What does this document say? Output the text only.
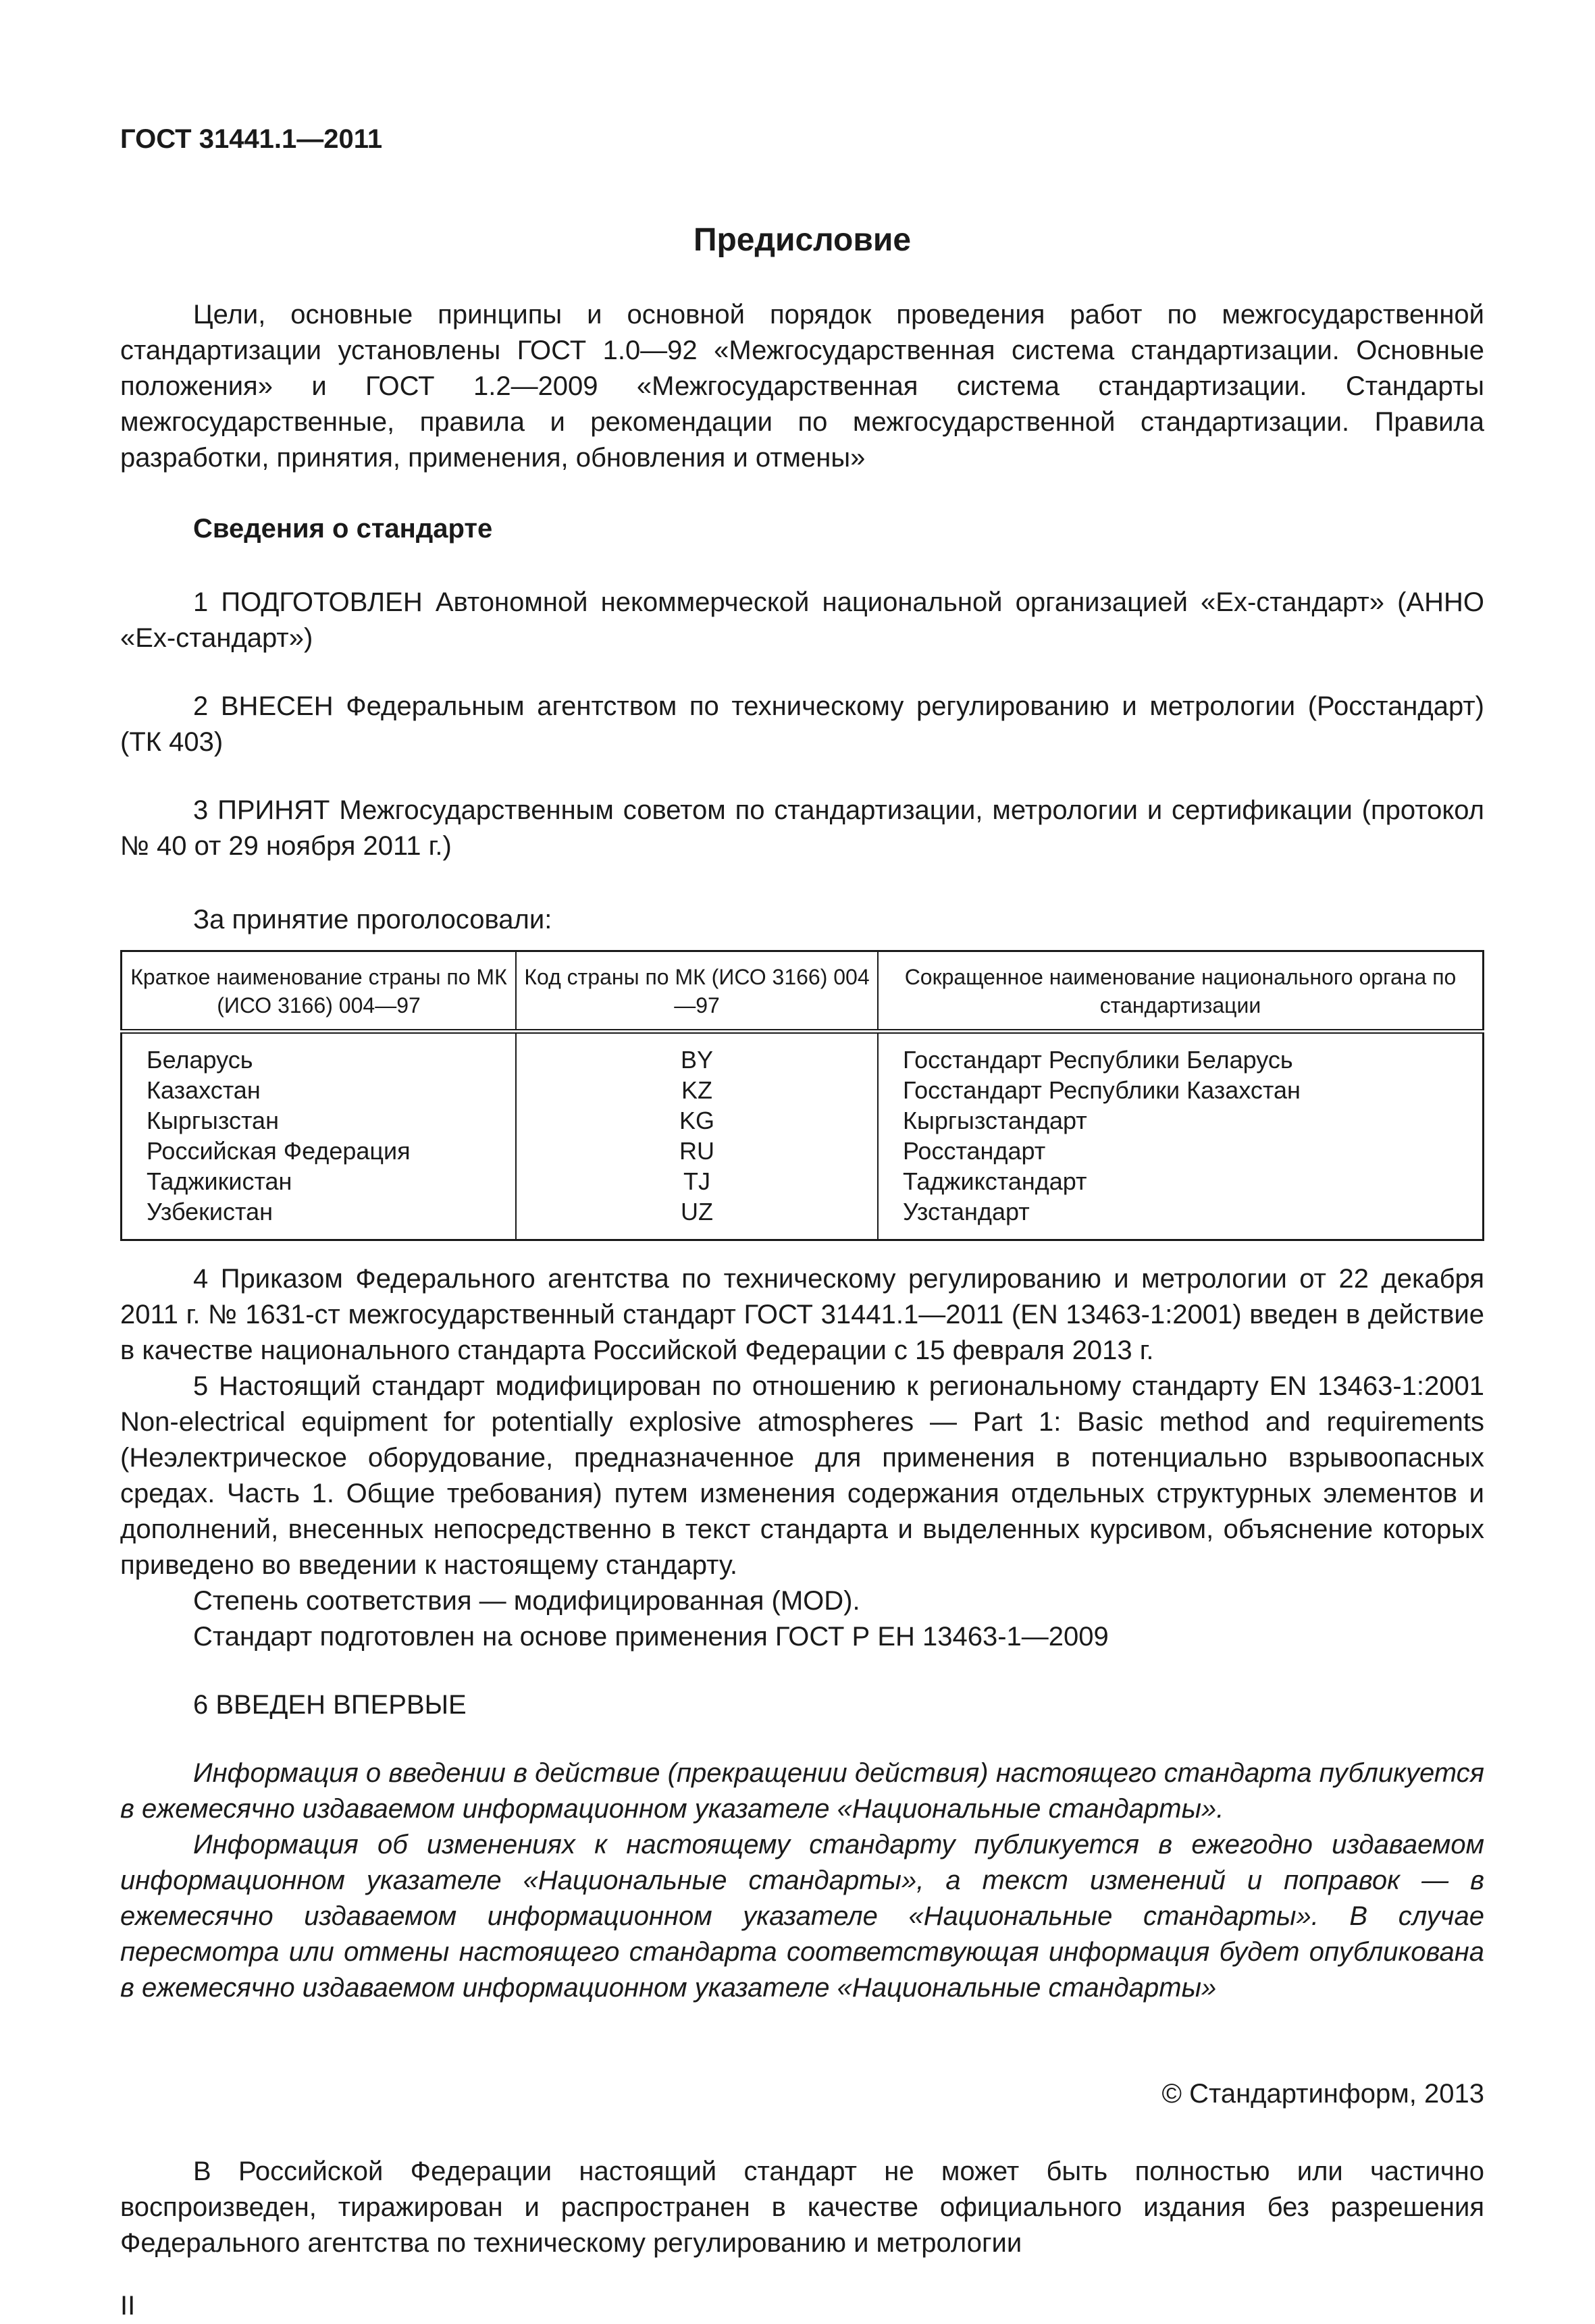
ГОСТ 31441.1—2011
Предисловие

Цели, основные принципы и основной порядок проведения работ по межгосударственной стандартизации установлены ГОСТ 1.0—92 «Межгосударственная система стандартизации. Основные положения» и ГОСТ 1.2—2009 «Межгосударственная система стандартизации. Стандарты межгосударственные, правила и рекомендации по межгосударственной стандартизации. Правила разработки, принятия, применения, обновления и отмены»

Сведения о стандарте

1 ПОДГОТОВЛЕН Автономной некоммерческой национальной организацией «Ех-стандарт» (АННО «Ех-стандарт»)

2 ВНЕСЕН Федеральным агентством по техническому регулированию и метрологии (Росстандарт) (ТК 403)

3 ПРИНЯТ Межгосударственным советом по стандартизации, метрологии и сертификации (протокол № 40 от 29 ноября 2011 г.)

За принятие проголосовали:

Краткое наименование страны по МК (ИСО 3166) 004—97	Код страны по МК (ИСО 3166) 004—97	Сокращенное наименование национального органа по стандартизации
Беларусь	BY	Госстандарт Республики Беларусь
Казахстан	KZ	Госстандарт Республики Казахстан
Кыргызстан	KG	Кыргызстандарт
Российская Федерация	RU	Росстандарт
Таджикистан	TJ	Таджикстандарт
Узбекистан	UZ	Узстандарт

4 Приказом Федерального агентства по техническому регулированию и метрологии от 22 декабря 2011 г. № 1631-ст межгосударственный стандарт ГОСТ 31441.1—2011 (EN 13463-1:2001) введен в действие в качестве национального стандарта Российской Федерации с 15 февраля 2013 г.

5 Настоящий стандарт модифицирован по отношению к региональному стандарту EN 13463-1:2001 Non-electrical equipment for potentially explosive atmospheres — Part 1: Basic method and requirements (Неэлектрическое оборудование, предназначенное для применения в потенциально взрывоопасных средах. Часть 1. Общие требования) путем изменения содержания отдельных структурных элементов и дополнений, внесенных непосредственно в текст стандарта и выделенных курсивом, объяснение которых приведено во введении к настоящему стандарту.

Степень соответствия — модифицированная (MOD).

Стандарт подготовлен на основе применения ГОСТ Р ЕН 13463-1—2009

6 ВВЕДЕН ВПЕРВЫЕ

Информация о введении в действие (прекращении действия) настоящего стандарта публикуется в ежемесячно издаваемом информационном указателе «Национальные стандарты».

Информация об изменениях к настоящему стандарту публикуется в ежегодно издаваемом информационном указателе «Национальные стандарты», а текст изменений и поправок — в ежемесячно издаваемом информационном указателе «Национальные стандарты». В случае пересмотра или отмены настоящего стандарта соответствующая информация будет опубликована в ежемесячно издаваемом информационном указателе «Национальные стандарты»

© Стандартинформ, 2013

В Российской Федерации настоящий стандарт не может быть полностью или частично воспроизведен, тиражирован и распространен в качестве официального издания без разрешения Федерального агентства по техническому регулированию и метрологии

II
